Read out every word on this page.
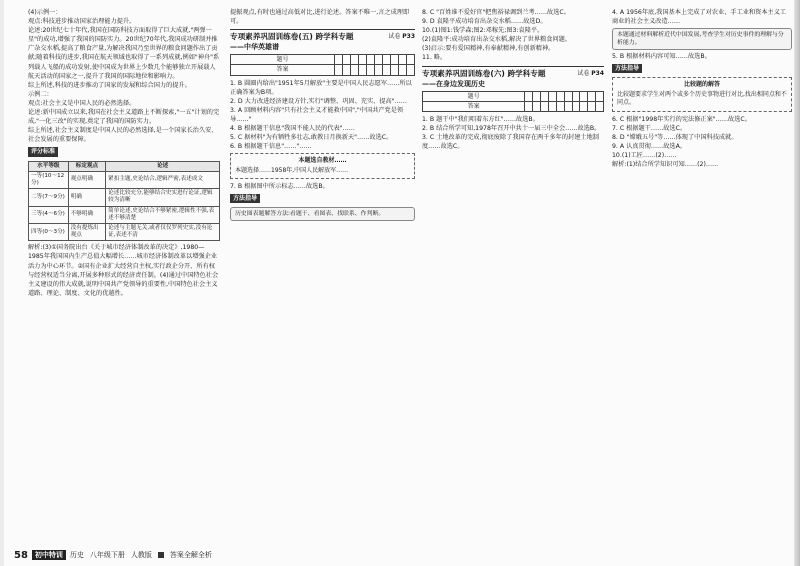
(4)示例一：

观点:科技进步推动国家治理能力提升。

论述:20世纪七十年代,我国在国防科技方面取得了巨大成就,"两弹一星"的成功,增强了我国的国防实力。20世纪70年代,我国成功研制并推广杂交水稻,提高了粮食产量,为解决我国乃至世界的粮食问题作出了贡献;随着科技的进步,我国在航天领域也取得了一系列成就,例如"神舟"系列载人飞船的成功发射,使中国成为世界上少数几个能够独立开展载人航天活动的国家之一,提升了我国的国际地位和影响力。

综上所述,科技的进步推动了国家的发展和综合国力的提升。

示例二：

观点:社会主义是中国人民的必然选择。

论述:新中国成立以来,我国在社会主义道路上不断探索,"一五"计划的完成,"一化三改"的实现,奠定了我国的国防实力。

综上所述,社会主义制度是中国人民的必然选择,是一个国家长治久安、社会发展的重要保障。

评分标准
水平等级	标定观点	论述
一等(10～12分)	观点明确	紧扣主题,史论结合,逻辑严密,表述成文
二等(7～9分)	明确	论述比较充分,能够结合史实进行论证,逻辑较为清晰
三等(4～6分)	不够明确	简单论述,史论结合不够紧密,逻辑性不强,表述不够清楚
四等(0～3分)	没有提炼出观点	论述与主题无关,或者仅仅罗列史实,没有论证,表述不清

解析:(3)①国务院出台《关于城市经济体制改革的决定》,1980—1985年我国国内生产总值大幅增长……城市经济体制改革以增强企业活力为中心环节。②国有企业扩大经营自主权,实行政企分开、所有权与经营权适当分离,开展多种形式的经济责任制。(4)通过中国特色社会主义建设的伟大成就,说明中国共产党领导的重要性,中国特色社会主义道路、理论、制度、文化的优越性。

提振观点,有时也通过高低对比,进行论述。答案不唯一,言之成理即可。

专项素养巩固训练卷(五) 跨学科专题	试卷 P33
——中华英雄谱
题号										
答案										

1. B 圆圈内给出"1951年5月解放"主要是中国人民志愿军……所以正确答案为B项。

2. D 大力改进经济建设方针,实行"调整、巩固、充实、提高"……

3. A 回顾材料内容"只有社会主义才能救中国","中国共产党是领导……"

4. B 根据题干信息"我国不能人民的代表"……

5. C 据材料"为有牺牲多壮志,敢教日月换新天"……故选C。

6. B 根据题干信息"……"……

本题选自教材……
本题选择……1958年,中国人民解放军……

7. B 根据图中所示标志……故选B。

方法指导
历史图表题解答方法:看题干、看图表、找联系、作判断。

8. C "百姓谁不爱好官"把焦裕禄调到兰考……故选C。

9. D 袁隆平成功培育出杂交水稻……故选D。

10.(1)图1:钱学森;图2:邓稼先;图3:袁隆平。

(2)袁隆平:成功培育出杂交水稻,解决了世界粮食问题。

(3)启示:要有爱国精神,有奉献精神,有创新精神。

11. 略。

专项素养巩固训练卷(六) 跨学科专题	试卷 P34
——在身边发现历史
题号										
答案										

1. B 题干中"我们唱着东方红"……故选B。

2. B 结合所学可知,1978年召开中共十一届三中全会……故选B。

3. C 土地改革的完成,彻底废除了我国存在两千多年的封建土地制度……故选C。

4. A 1956年底,我国基本上完成了对农业、手工业和资本主义工商业的社会主义改造……

本题通过材料解析近代中国发展,考查学生对历史事件的理解与分析能力。

5. B 根据材料内容可知……故选B。

方法指导
比较题的解答
比较题要求学生对两个或多个历史事物进行对比,找出相同点和不同点。

6. C 根据"1998年实行的宪法修正案"……故选C。

7. C 根据题干……故选C。

8. D "嫦娥五号"等……体现了中国科技成就。

9. A 认真贯彻……故选A。

10.(1)工匠……(2)……

解析:(1)结合所学知识可知……(2)……

58	初中特训	历史 八年级下册 人教版	答案全解全析
